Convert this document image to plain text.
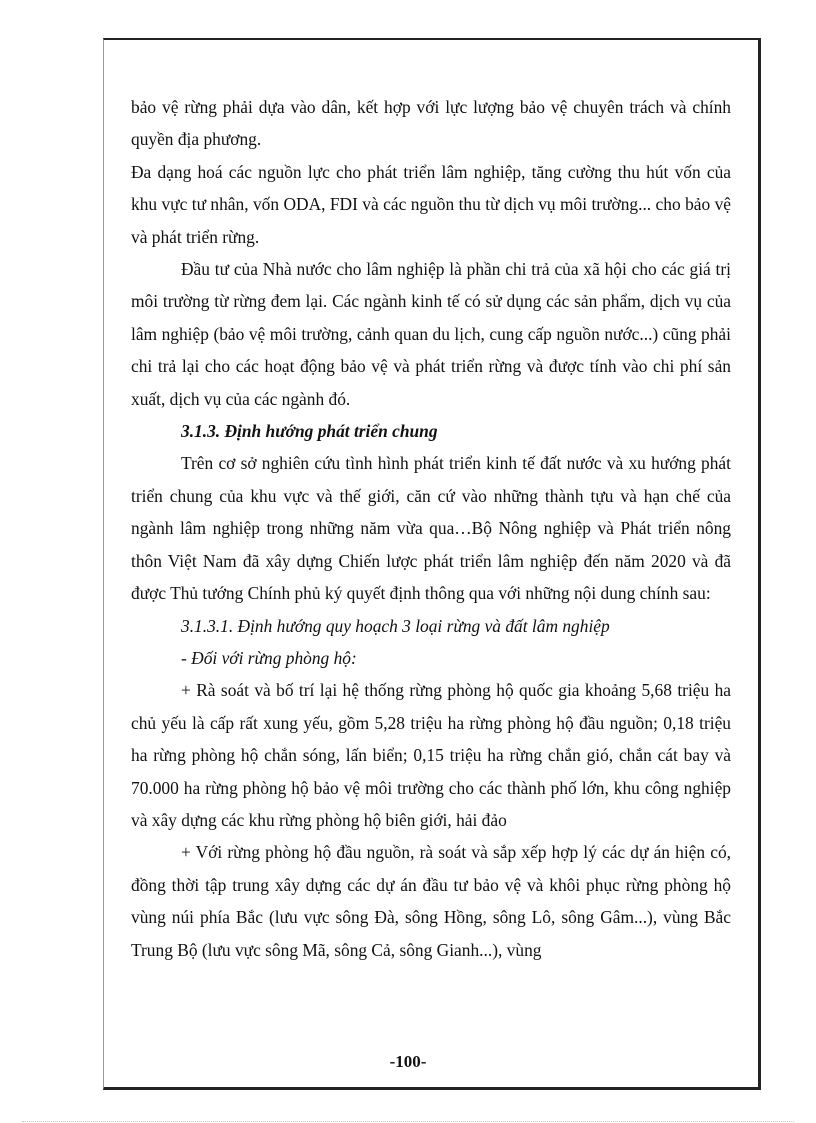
bảo vệ rừng phải dựa vào dân, kết hợp với lực lượng bảo vệ chuyên trách và chính quyền địa phương.

Đa dạng hoá các nguồn lực cho phát triển lâm nghiệp, tăng cường thu hút vốn của khu vực tư nhân, vốn ODA, FDI và các nguồn thu từ dịch vụ môi trường... cho bảo vệ và phát triển rừng.

Đầu tư của Nhà nước cho lâm nghiệp là phần chi trả của xã hội cho các giá trị môi trường từ rừng đem lại. Các ngành kinh tế có sử dụng các sản phẩm, dịch vụ của lâm nghiệp (bảo vệ môi trường, cảnh quan du lịch, cung cấp nguồn nước...) cũng phải chi trả lại cho các hoạt động bảo vệ và phát triển rừng và được tính vào chi phí sản xuất, dịch vụ của các ngành đó.

3.1.3. Định hướng phát triển chung

Trên cơ sở nghiên cứu tình hình phát triển kinh tế đất nước và xu hướng phát triển chung của khu vực và thế giới, căn cứ vào những thành tựu và hạn chế của ngành lâm nghiệp trong những năm vừa qua…Bộ Nông nghiệp và Phát triển nông thôn Việt Nam đã xây dựng Chiến lược phát triển lâm nghiệp đến năm 2020 và đã được Thủ tướng Chính phủ ký quyết định thông qua với những nội dung chính sau:

3.1.3.1. Định hướng quy hoạch 3 loại rừng và đất lâm nghiệp

- Đối với rừng phòng hộ:

+ Rà soát và bố trí lại hệ thống rừng phòng hộ quốc gia khoảng 5,68 triệu ha chủ yếu là cấp rất xung yếu, gồm 5,28 triệu ha rừng phòng hộ đầu nguồn; 0,18 triệu ha rừng phòng hộ chắn sóng, lấn biển; 0,15 triệu ha rừng chắn gió, chắn cát bay và 70.000 ha rừng phòng hộ bảo vệ môi trường cho các thành phố lớn, khu công nghiệp và xây dựng các khu rừng phòng hộ biên giới, hải đảo

+ Với rừng phòng hộ đầu nguồn, rà soát và sắp xếp hợp lý các dự án hiện có, đồng thời tập trung xây dựng các dự án đầu tư bảo vệ và khôi phục rừng phòng hộ vùng núi phía Bắc (lưu vực sông Đà, sông Hồng, sông Lô, sông Gâm...), vùng Bắc Trung Bộ (lưu vực sông Mã, sông Cả, sông Gianh...), vùng

-100-
